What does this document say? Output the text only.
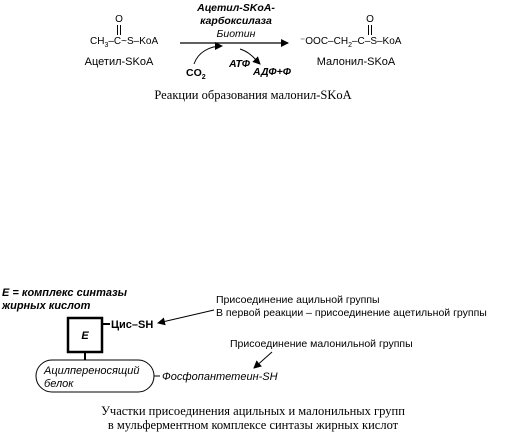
O
$CH_3-C\sim S$–KoA
Ацетил-SKoA
Ацетил-SKoA-
карбоксилаза
Биотин
$CO_2$
АТФ
АДФ+Ф
O
$^-OOC-CH_2-C-S$–KoA
Малонил-SKoA
Реакции образования малонил-SKoA
E = комплекс синтазы
жирных кислот
E
Цис–SH
Ацилпереносящий
белок
Фосфопантетеин-SH
Присоединение ацильной группы
В первой реакции – присоединение ацетильной группы
Присоединение малонильной группы
Участки присоединения ацильных и малонильных групп
в мульферментном комплексе синтазы жирных кислот
